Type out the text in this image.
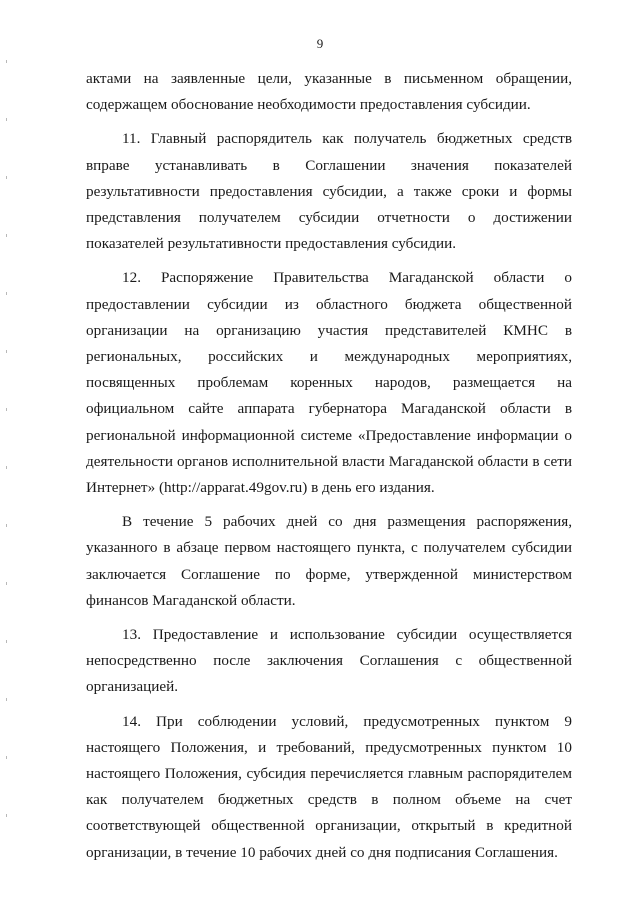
9

актами на заявленные цели, указанные в письменном обращении, содержащем обоснование необходимости предоставления субсидии.

11. Главный распорядитель как получатель бюджетных средств вправе устанавливать в Соглашении значения показателей результативности предоставления субсидии, а также сроки и формы представления получателем субсидии отчетности о достижении показателей результативности предоставления субсидии.

12. Распоряжение Правительства Магаданской области о предоставлении субсидии из областного бюджета общественной организации на организацию участия представителей КМНС в региональных, российских и международных мероприятиях, посвященных проблемам коренных народов, размещается на официальном сайте аппарата губернатора Магаданской области в региональной информационной системе «Предоставление информации о деятельности органов исполнительной власти Магаданской области в сети Интернет» (http://apparat.49gov.ru) в день его издания.

В течение 5 рабочих дней со дня размещения распоряжения, указанного в абзаце первом настоящего пункта, с получателем субсидии заключается Соглашение по форме, утвержденной министерством финансов Магаданской области.

13. Предоставление и использование субсидии осуществляется непосредственно после заключения Соглашения с общественной организацией.

14. При соблюдении условий, предусмотренных пунктом 9 настоящего Положения, и требований, предусмотренных пунктом 10 настоящего Положения, субсидия перечисляется главным распорядителем как получателем бюджетных средств в полном объеме на счет соответствующей общественной организации, открытый в кредитной организации, в течение 10 рабочих дней со дня подписания Соглашения.
